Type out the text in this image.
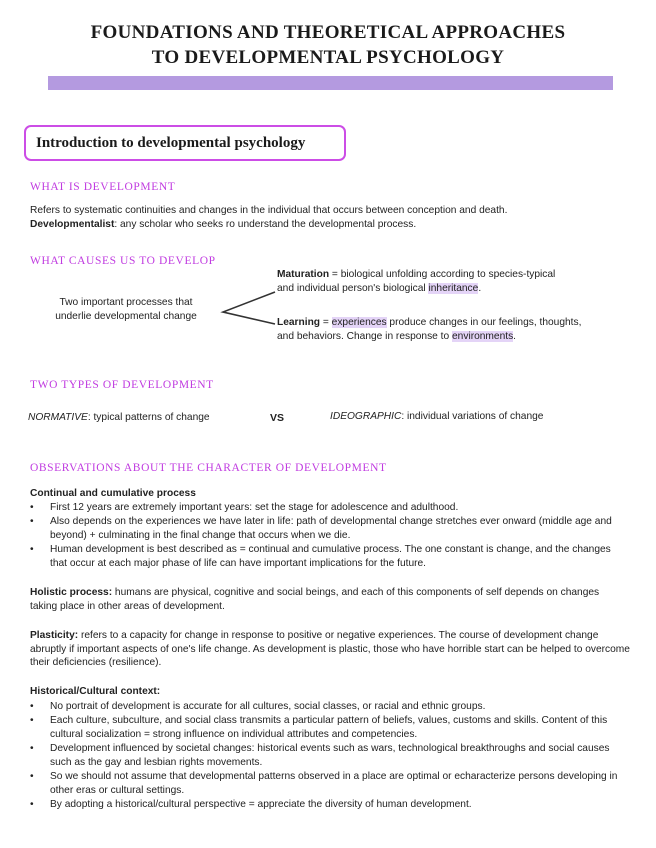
FOUNDATIONS AND THEORETICAL APPROACHES
TO DEVELOPMENTAL PSYCHOLOGY
Introduction to developmental psychology
WHAT IS DEVELOPMENT
Refers to systematic continuities and changes in the individual that occurs between conception and death.
Developmentalist: any scholar who seeks ro understand the developmental process.
WHAT CAUSES US TO DEVELOP
Two important processes that
underlie developmental change
Maturation = biological unfolding according to species-typical
and individual person's biological inheritance.
Learning = experiences produce changes in our feelings, thoughts,
and behaviors. Change in response to environments.
TWO TYPES OF DEVELOPMENT
NORMATIVE: typical patterns of change	VS	IDEOGRAPHIC: individual variations of change
OBSERVATIONS ABOUT THE CHARACTER OF DEVELOPMENT
Continual and cumulative process
•	First 12 years are extremely important years: set the stage for adolescence and adulthood.
•	Also depends on the experiences we have later in life: path of developmental change stretches ever onward (middle age and beyond) + culminating in the final change that occurs when we die.
•	Human development is best described as = continual and cumulative process. The one constant is change, and the changes that occur at each major phase of life can have important implications for the future.
Holistic process: humans are physical, cognitive and social beings, and each of this components of self depends on changes taking place in other areas of development.
Plasticity: refers to a capacity for change in response to positive or negative experiences. The course of development change abruptly if important aspects of one's life change. As development is plastic, those who have horrible start can be helped to overcome their deficiencies (resilience).
Historical/Cultural context:
•	No portrait of development is accurate for all cultures, social classes, or racial and ethnic groups.
•	Each culture, subculture, and social class transmits a particular pattern of beliefs, values, customs and skills. Content of this cultural socialization = strong influence on individual attributes and competencies.
•	Development influenced by societal changes: historical events such as wars, technological breakthroughs and social causes such as the gay and lesbian rights movements.
•	So we should not assume that developmental patterns observed in a place are optimal or echaracterize persons developing in other eras or cultural settings.
•	By adopting a historical/cultural perspective = appreciate the diversity of human development.
